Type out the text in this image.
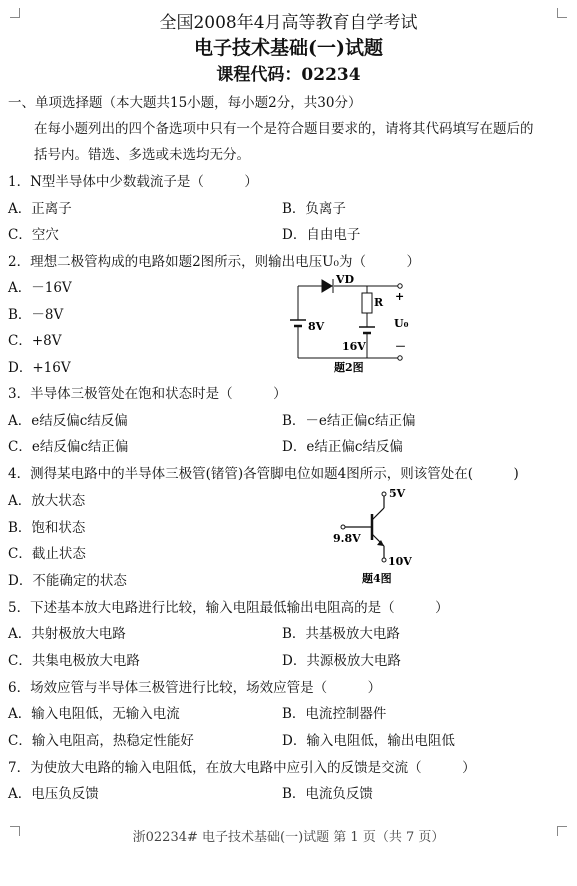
全国2008年4月高等教育自学考试
电子技术基础(一)试题
课程代码：02234
一、单项选择题（本大题共15小题，每小题2分，共30分）
在每小题列出的四个备选项中只有一个是符合题目要求的，请将其代码填写在题后的
括号内。错选、多选或未选均无分。
1．N型半导体中少数载流子是（　　　）
A．正离子	B．负离子
C．空穴	D．自由电子
2．理想二极管构成的电路如题2图所示，则输出电压U₀为（　　　）
A．－16V
B．－8V
C．+8V
D．+16V
VD
R +
－
U₀
8V
16V
题2图
3．半导体三极管处在饱和状态时是（　　　）
A．e结反偏c结反偏	B．－e结正偏c结正偏
C．e结反偏c结正偏	D．e结正偏c结反偏
4．测得某电路中的半导体三极管(锗管)各管脚电位如题4图所示，则该管处在(　　　)
A．放大状态
B．饱和状态
C．截止状态
D．不能确定的状态
5V
9.8V
10V
题4图
5．下述基本放大电路进行比较，输入电阻最低输出电阻高的是（　　　）
A．共射极放大电路	B．共基极放大电路
C．共集电极放大电路	D．共源极放大电路
6．场效应管与半导体三极管进行比较，场效应管是（　　　）
A．输入电阻低，无输入电流	B．电流控制器件
C．输入电阻高，热稳定性能好	D．输入电阻低，输出电阻低
7．为使放大电路的输入电阻低，在放大电路中应引入的反馈是交流（　　　）
A．电压负反馈	B．电流负反馈
浙02234# 电子技术基础(一)试题 第 1 页（共 7 页）
